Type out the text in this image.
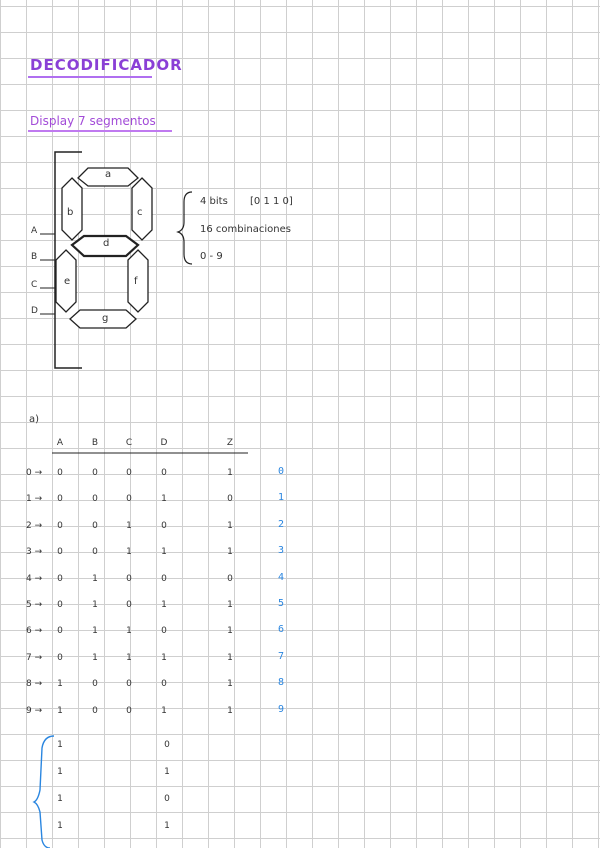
DECODIFICADOR
Display 7 segmentos
a
b	c
d
e	f
g
A
B
C
D
4 bits [0 1 1 0]
16 combinaciones
0 - 9
a)
A	B	C	D	Z
0 →	0	0	0	0	1	0
1 →	0	0	0	1	0	1
2 →	0	0	1	0	1	2
3 →	0	0	1	1	1	3
4 →	0	1	0	0	0	4
5 →	0	1	0	1	1	5
6 →	0	1	1	0	1	6
7 →	0	1	1	1	1	7
8 →	1	0	0	0	1	8
9 →	1	0	0	1	1	9
1	0
1	1
1	0
1	1
